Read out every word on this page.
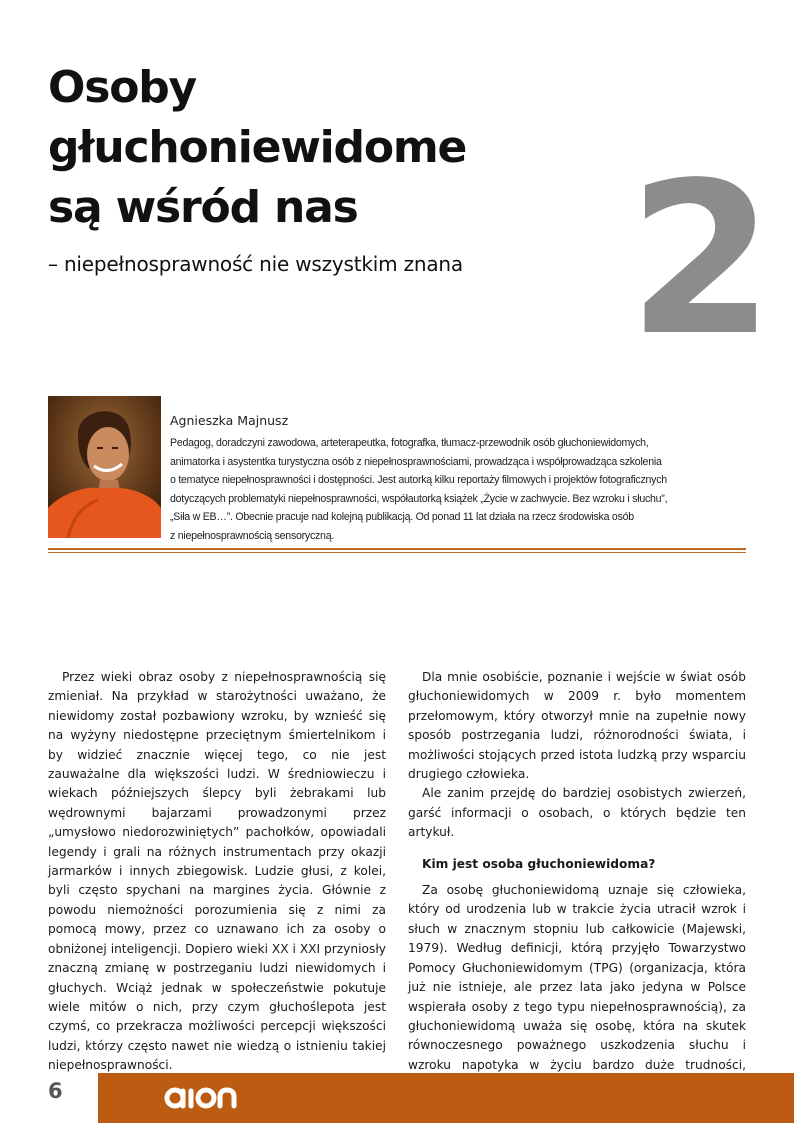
Osoby
głuchoniewidome
są wśród nas

– niepełnosprawność nie wszystkim znana 2
Agnieszka Majnusz

Pedagog, doradczyni zawodowa, arteterapeutka, fotografka, tłumacz-przewodnik osób głuchoniewidomych,
animatorka i asystentka turystyczna osób z niepełnosprawnościami, prowadząca i współprowadząca szkolenia
o tematyce niepełnosprawności i dostępności. Jest autorką kilku reportaży filmowych i projektów fotograficznych
dotyczących problematyki niepełnosprawności, współautorką książek „Życie w zachwycie. Bez wzroku i słuchu”,
„Siła w EB…”. Obecnie pracuje nad kolejną publikacją. Od ponad 11 lat działa na rzecz środowiska osób
z niepełnosprawnością sensoryczną.

Przez wieki obraz osoby z niepełnosprawnością się zmieniał. Na przykład w starożytności uważano, że niewidomy został pozbawiony wzroku, by wznieść się na wyżyny niedostępne przeciętnym śmiertelnikom i by widzieć znacznie więcej tego, co nie jest zauważalne dla większości ludzi. W średniowieczu i wiekach późniejszych ślepcy byli żebrakami lub wędrownymi bajarzami prowadzonymi przez „umysłowo niedorozwiniętych” pachołków, opowiadali legendy i grali na różnych instrumentach przy okazji jarmarków i innych zbiegowisk. Ludzie głusi, z kolei, byli często spychani na margines życia. Głównie z powodu niemożności porozumienia się z nimi za pomocą mowy, przez co uznawano ich za osoby o obniżonej inteligencji. Dopiero wieki XX i XXI przyniosły znaczną zmianę w postrzeganiu ludzi niewidomych i głuchych. Wciąż jednak w społeczeństwie pokutuje wiele mitów o nich, przy czym głuchoślepota jest czymś, co przekracza możliwości percepcji większości ludzi, którzy często nawet nie wiedzą o istnieniu takiej niepełnosprawności.

Dla mnie osobiście, poznanie i wejście w świat osób głuchoniewidomych w 2009 r. było momentem przełomowym, który otworzył mnie na zupełnie nowy sposób postrzegania ludzi, różnorodności świata, i możliwości stojących przed istota ludzką przy wsparciu drugiego człowieka.

Ale zanim przejdę do bardziej osobistych zwierzeń, garść informacji o osobach, o których będzie ten artykuł.

Kim jest osoba głuchoniewidoma?

Za osobę głuchoniewidomą uznaje się człowieka, który od urodzenia lub w trakcie życia utracił wzrok i słuch w znacznym stopniu lub całkowicie (Majewski, 1979). Według definicji, którą przyjęło Towarzystwo Pomocy Głuchoniewidomym (TPG) (organizacja, która już nie istnieje, ale przez lata jako jedyna w Polsce wspierała osoby z tego typu niepełnosprawnością), za głuchoniewidomą uważa się osobę, która na skutek równoczesnego poważnego uszkodzenia słuchu i wzroku napotyka w życiu bardzo duże trudności,

6
